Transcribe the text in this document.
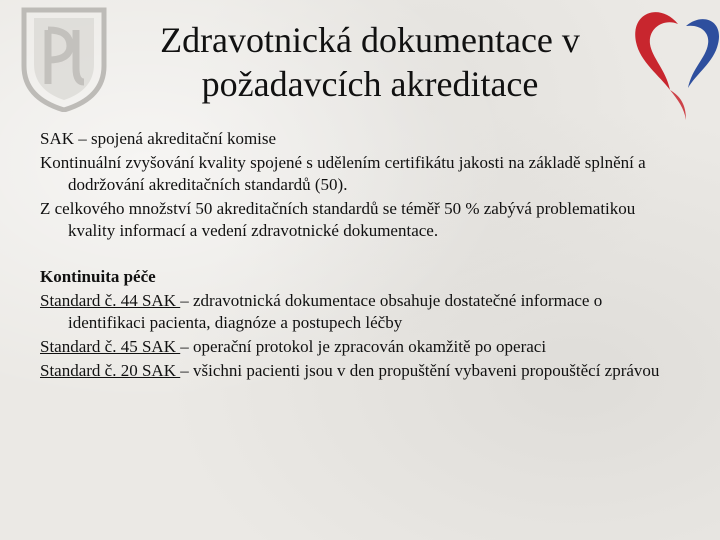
Zdravotnická dokumentace v
požadavcích akreditace

SAK – spojená akreditační komise

Kontinuální zvyšování kvality spojené s udělením certifikátu jakosti na základě splnění a dodržování akreditačních standardů (50).

Z celkového množství 50 akreditačních standardů se téměř 50 % zabývá problematikou kvality informací a vedení zdravotnické dokumentace.

Kontinuita péče

Standard č. 44 SAK – zdravotnická dokumentace obsahuje dostatečné informace o identifikaci pacienta, diagnóze a postupech léčby

Standard č. 45 SAK – operační protokol je zpracován okamžitě po operaci

Standard č. 20 SAK – všichni pacienti jsou v den propuštění vybaveni propouštěcí zprávou
